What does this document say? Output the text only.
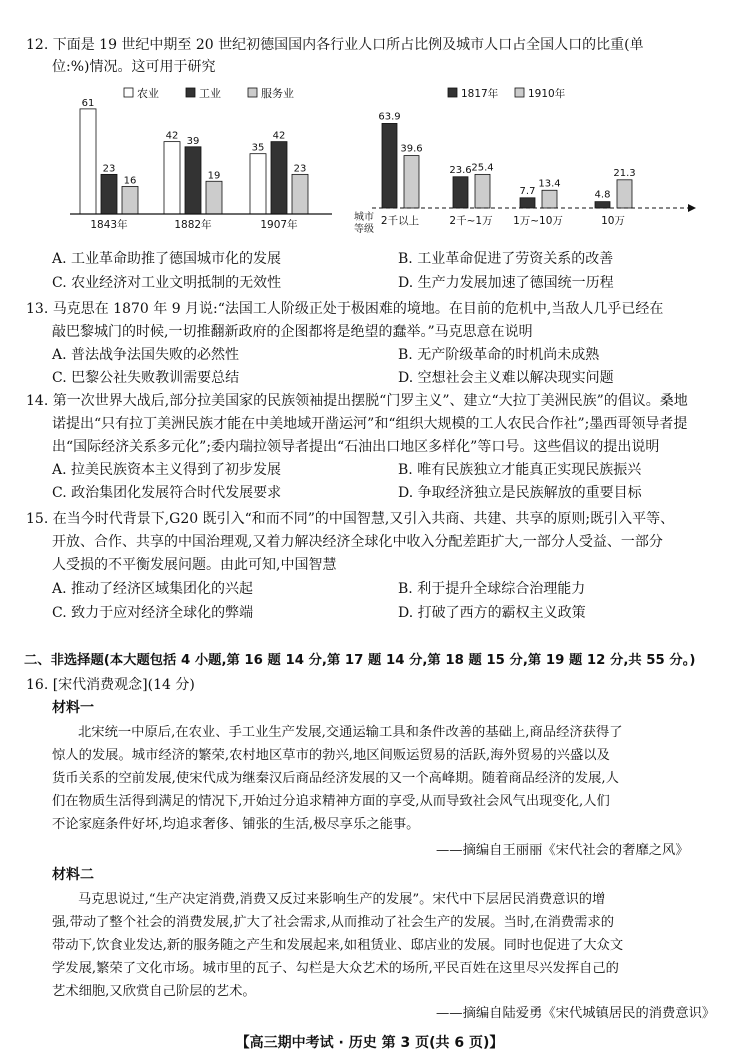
12. 下面是 19 世纪中期至 20 世纪初德国国内各行业人口所占比例及城市人口占全国人口的比重(单
位:%)情况。这可用于研究
农业	工业	服务业
61
23
16
42 39
19
35
42
23
1843年	1882年	1907年
1817年	1910年
63.9
39.6
23.6 25.4
7.7
13.4
4.8
21.3
城市
等级
2千以上	2千~1万 1万~10万	10万
A. 工业革命助推了德国城市化的发展	B. 工业革命促进了劳资关系的改善
C. 农业经济对工业文明抵制的无效性	D. 生产力发展加速了德国统一历程
13. 马克思在 1870 年 9 月说:“法国工人阶级正处于极困难的境地。在目前的危机中,当敌人几乎已经在
敲巴黎城门的时候,一切推翻新政府的企图都将是绝望的蠢举。”马克思意在说明
A. 普法战争法国失败的必然性	B. 无产阶级革命的时机尚未成熟
C. 巴黎公社失败教训需要总结	D. 空想社会主义难以解决现实问题
14. 第一次世界大战后,部分拉美国家的民族领袖提出摆脱“门罗主义”、建立“大拉丁美洲民族”的倡议。桑地
诺提出“只有拉丁美洲民族才能在中美地域开凿运河”和“组织大规模的工人农民合作社”;墨西哥领导者提
出“国际经济关系多元化”;委内瑞拉领导者提出“石油出口地区多样化”等口号。这些倡议的提出说明
A. 拉美民族资本主义得到了初步发展	B. 唯有民族独立才能真正实现民族振兴
C. 政治集团化发展符合时代发展要求	D. 争取经济独立是民族解放的重要目标
15. 在当今时代背景下,G20 既引入“和而不同”的中国智慧,又引入共商、共建、共享的原则;既引入平等、
开放、合作、共享的中国治理观,又着力解决经济全球化中收入分配差距扩大,一部分人受益、一部分
人受损的不平衡发展问题。由此可知,中国智慧
A. 推动了经济区域集团化的兴起	B. 利于提升全球综合治理能力
C. 致力于应对经济全球化的弊端	D. 打破了西方的霸权主义政策
二、非选择题(本大题包括 4 小题,第 16 题 14 分,第 17 题 14 分,第 18 题 15 分,第 19 题 12 分,共 55 分。)
16. [宋代消费观念](14 分)
材料一
北宋统一中原后,在农业、手工业生产发展,交通运输工具和条件改善的基础上,商品经济获得了
惊人的发展。城市经济的繁荣,农村地区草市的勃兴,地区间贩运贸易的活跃,海外贸易的兴盛以及
货币关系的空前发展,使宋代成为继秦汉后商品经济发展的又一个高峰期。随着商品经济的发展,人
们在物质生活得到满足的情况下,开始过分追求精神方面的享受,从而导致社会风气出现变化,人们
不论家庭条件好坏,均追求奢侈、铺张的生活,极尽享乐之能事。
——摘编自王丽丽《宋代社会的奢靡之风》
材料二
马克思说过,“生产决定消费,消费又反过来影响生产的发展”。宋代中下层居民消费意识的增
强,带动了整个社会的消费发展,扩大了社会需求,从而推动了社会生产的发展。当时,在消费需求的
带动下,饮食业发达,新的服务随之产生和发展起来,如租赁业、邸店业的发展。同时也促进了大众文
学发展,繁荣了文化市场。城市里的瓦子、勾栏是大众艺术的场所,平民百姓在这里尽兴发挥自己的
艺术细胞,又欣赏自己阶层的艺术。
——摘编自陆爱勇《宋代城镇居民的消费意识》
【高三期中考试 · 历史 第 3 页(共 6 页)】
